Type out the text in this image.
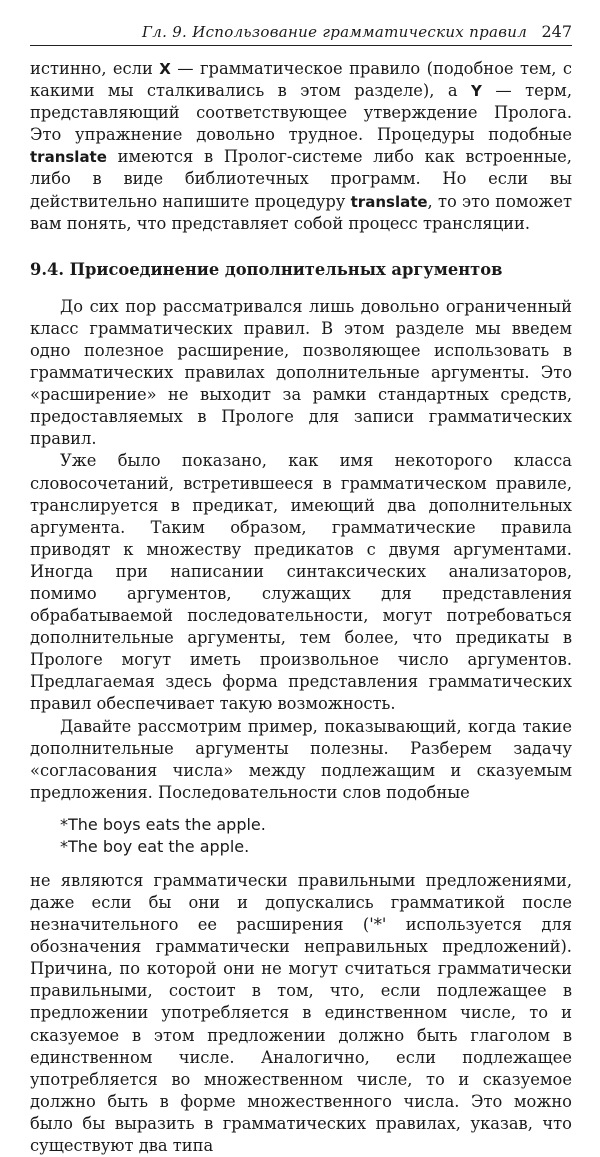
Гл. 9. Использование грамматических правил 247

истинно, если X — грамматическое правило (подобное тем, с какими мы сталкивались в этом разделе), а Y — терм, представляющий соответствующее утверждение Пролога. Это упражнение довольно трудное. Процедуры подобные translate имеются в Пролог-системе либо как встроенные, либо в виде библиотечных программ. Но если вы действительно напишите процедуру translate, то это поможет вам понять, что представляет собой процесс трансляции.

9.4. Присоединение дополнительных аргументов

До сих пор рассматривался лишь довольно ограниченный класс грамматических правил. В этом разделе мы введем одно полезное расширение, позволяющее использовать в грамматических правилах дополнительные аргументы. Это «расширение» не выходит за рамки стандартных средств, предоставляемых в Прологе для записи грамматических правил.

Уже было показано, как имя некоторого класса словосочетаний, встретившееся в грамматическом правиле, транслируется в предикат, имеющий два дополнительных аргумента. Таким образом, грамматические правила приводят к множеству предикатов с двумя аргументами. Иногда при написании синтаксических анализаторов, помимо аргументов, служащих для представления обрабатываемой последовательности, могут потребоваться дополнительные аргументы, тем более, что предикаты в Прологе могут иметь произвольное число аргументов. Предлагаемая здесь форма представления грамматических правил обеспечивает такую возможность.

Давайте рассмотрим пример, показывающий, когда такие дополнительные аргументы полезны. Разберем задачу «согласования числа» между подлежащим и сказуемым предложения. Последовательности слов подобные

*The boys eats the apple.
*The boy eat the apple.

не являются грамматически правильными предложениями, даже если бы они и допускались грамматикой после незначительного ее расширения ('*' используется для обозначения грамматически неправильных предложений). Причина, по которой они не могут считаться грамматически правильными, состоит в том, что, если подлежащее в предложении употребляется в единственном числе, то и сказуемое в этом предложении должно быть глаголом в единственном числе. Аналогично, если подлежащее употребляется во множественном числе, то и сказуемое должно быть в форме множественного числа. Это можно было бы выразить в грамматических правилах, указав, что существуют два типа
